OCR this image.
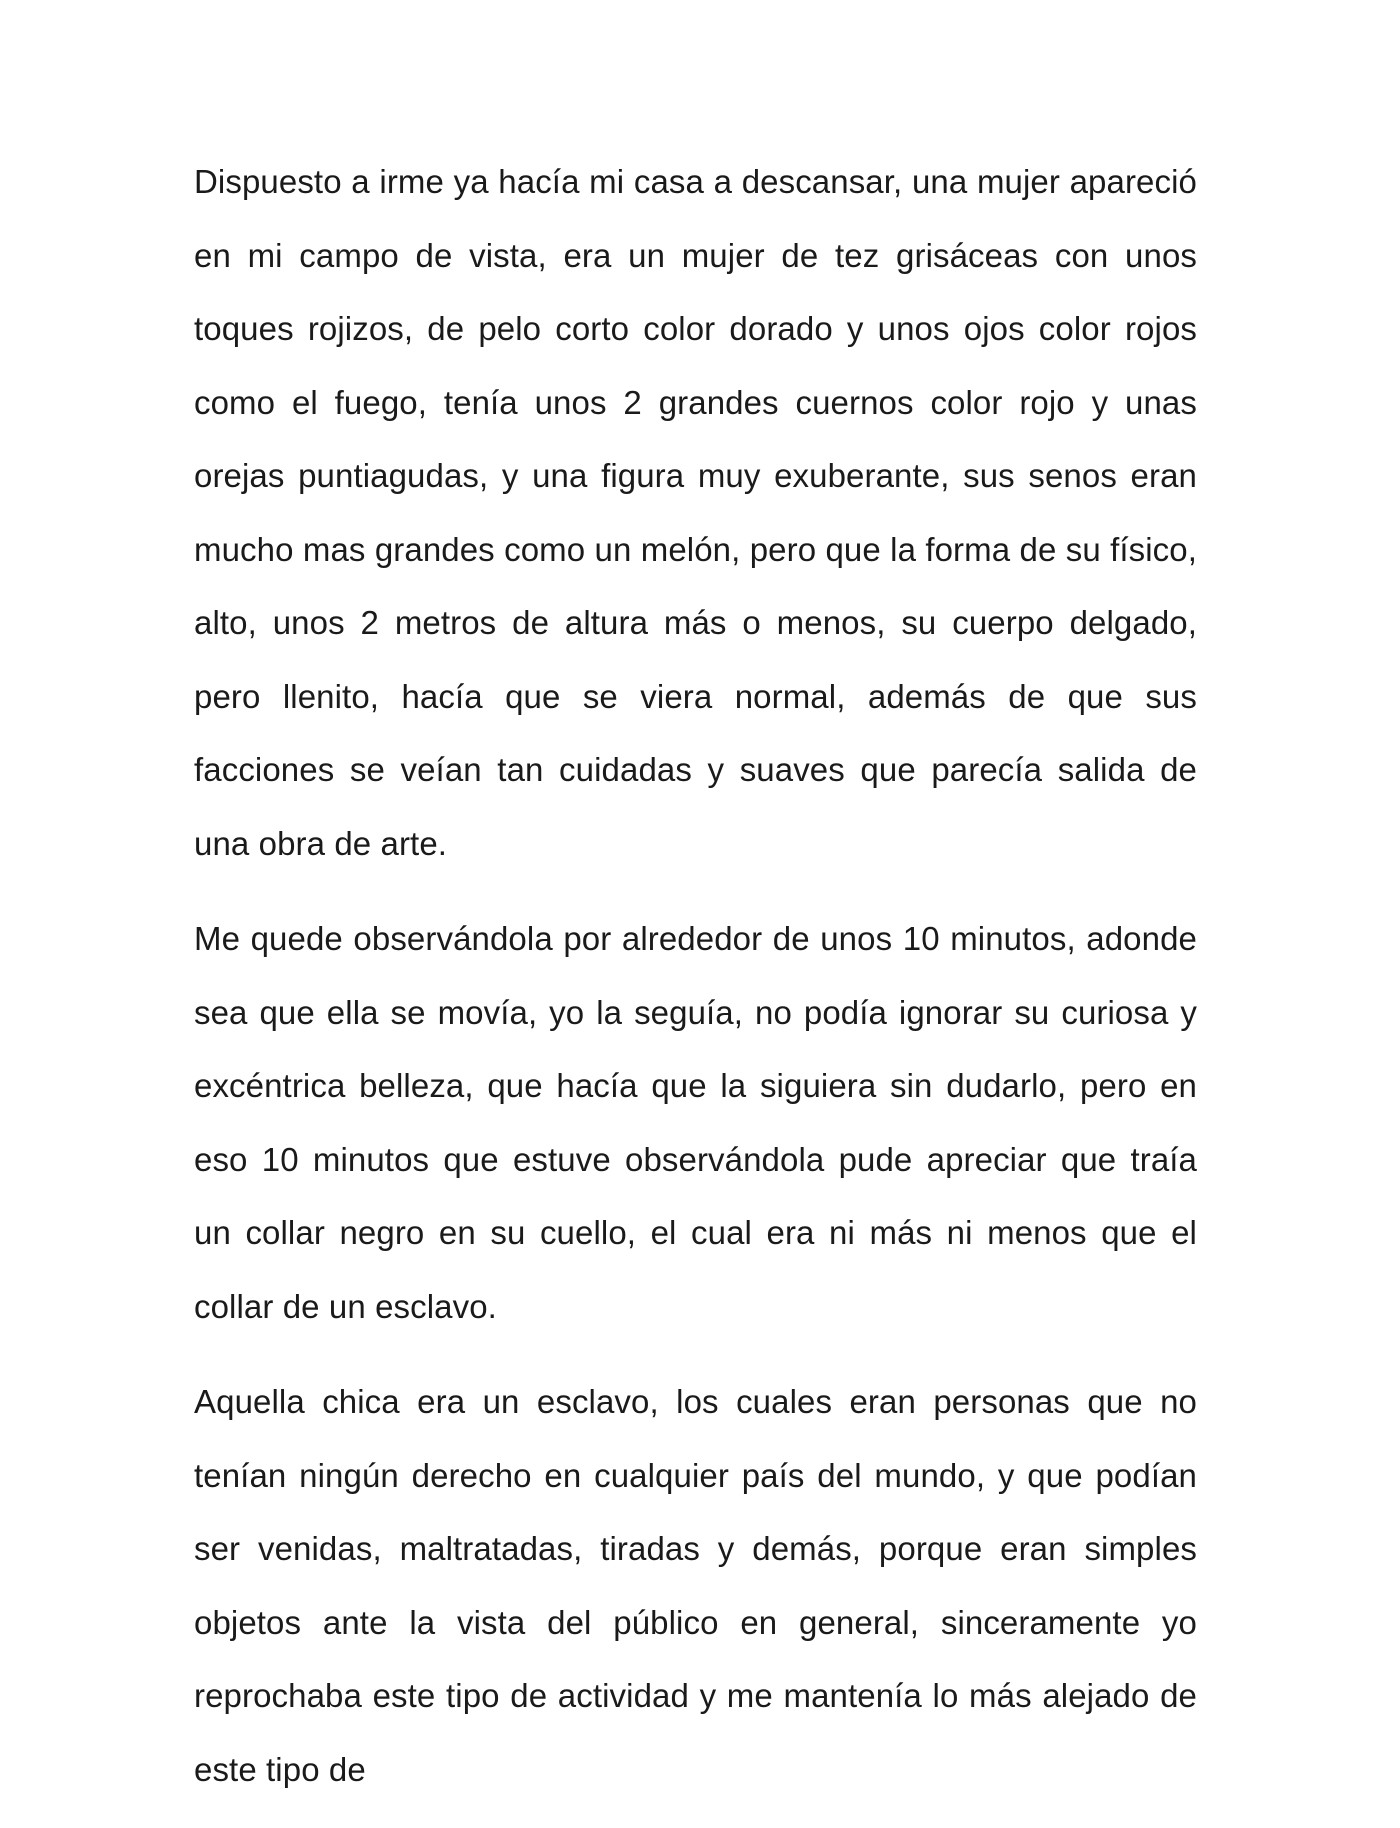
Dispuesto a irme ya hacía mi casa a descansar, una mujer apareció en mi campo de vista, era un mujer de tez grisáceas con unos toques rojizos, de pelo corto color dorado y unos ojos color rojos como el fuego, tenía unos 2 grandes cuernos color rojo y unas orejas puntiagudas, y una figura muy exuberante, sus senos eran mucho mas grandes como un melón, pero que la forma de su físico, alto, unos 2 metros de altura más o menos, su cuerpo delgado, pero llenito, hacía que se viera normal, además de que sus facciones se veían tan cuidadas y suaves que parecía salida de una obra de arte.

Me quede observándola por alrededor de unos 10 minutos, adonde sea que ella se movía, yo la seguía, no podía ignorar su curiosa y excéntrica belleza, que hacía que la siguiera sin dudarlo, pero en eso 10 minutos que estuve observándola pude apreciar que traía un collar negro en su cuello, el cual era ni más ni menos que el collar de un esclavo.

Aquella chica era un esclavo, los cuales eran personas que no tenían ningún derecho en cualquier país del mundo, y que podían ser venidas, maltratadas, tiradas y demás, porque eran simples objetos ante la vista del público en general, sinceramente yo reprochaba este tipo de actividad y me mantenía lo más alejado de este tipo de
